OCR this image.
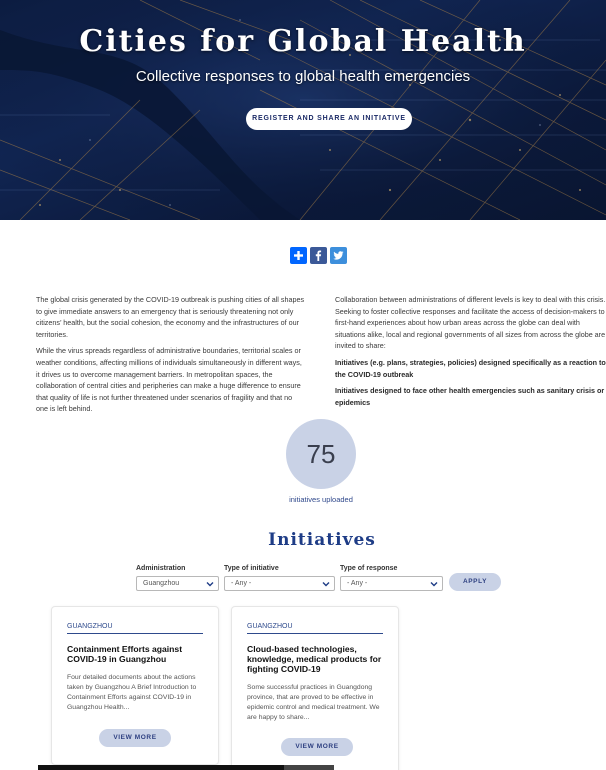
Cities for Global Health
Collective responses to global health emergencies
REGISTER AND SHARE AN INITIATIVE

The global crisis generated by the COVID-19 outbreak is pushing cities of all shapes to give immediate answers to an emergency that is seriously threatening not only citizens’ health, but the social cohesion, the economy and the infrastructures of our territories.

While the virus spreads regardless of administrative boundaries, territorial scales or weather conditions, affecting millions of individuals simultaneously in different ways, it drives us to overcome management barriers. In metropolitan spaces, the collaboration of central cities and peripheries can make a huge difference to ensure that quality of life is not further threatened under scenarios of fragility and that no one is left behind.

Collaboration between administrations of different levels is key to deal with this crisis. Seeking to foster collective responses and facilitate the access of decision-makers to first-hand experiences about how urban areas across the globe can deal with situations alike, local and regional governments of all sizes from across the globe are invited to share:

Initiatives (e.g. plans, strategies, policies) designed specifically as a reaction to the COVID-19 outbreak

Initiatives designed to face other health emergencies such as sanitary crisis or epidemics

75
initiatives uploaded
Initiatives
Administration
Guangzhou
Type of initiative
- Any -
Type of response
- Any -	APPLY
GUANGZHOU
Containment Efforts against COVID-19 in Guangzhou
Four detailed documents about the actions taken by Guangzhou A Brief Introduction to Containment Efforts against COVID-19 in Guangzhou Health...
VIEW MORE
GUANGZHOU
Cloud-based technologies, knowledge, medical products for fighting COVID-19
Some successful practices in Guangdong province, that are proved to be effective in epidemic control and medical treatment. We are happy to share...
VIEW MORE
